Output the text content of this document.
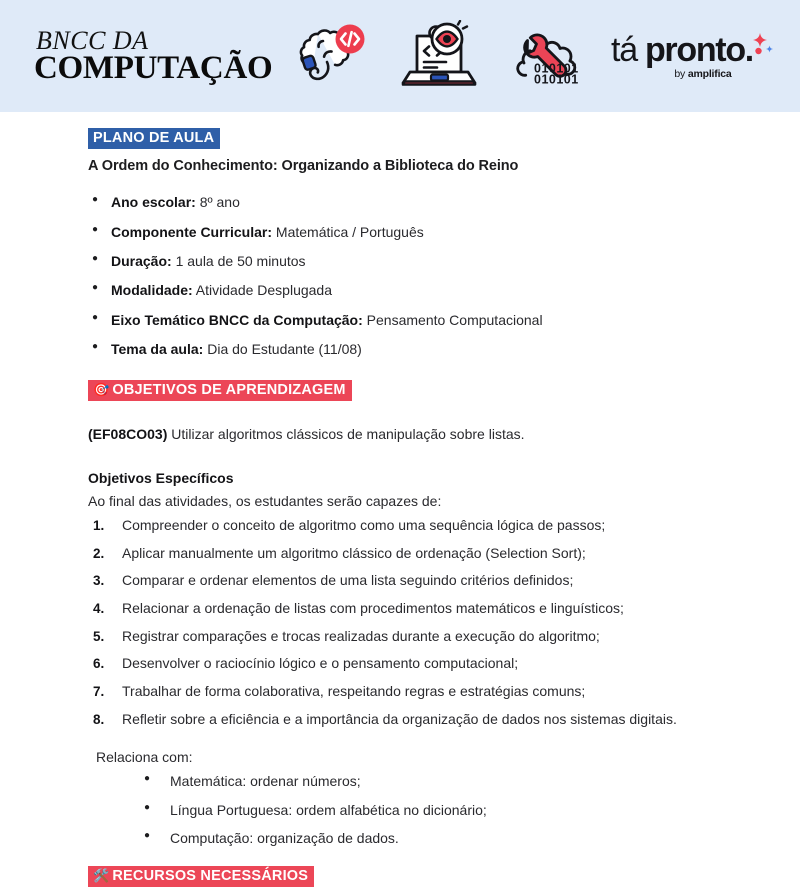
BNCC DA
COMPUTAÇÃO	010101
010101
tá pronto.
by amplifica
PLANO DE AULA

A Ordem do Conhecimento: Organizando a Biblioteca do Reino

● Ano escolar: 8º ano
● Componente Curricular: Matemática / Português
● Duração: 1 aula de 50 minutos
● Modalidade: Atividade Desplugada
● Eixo Temático BNCC da Computação: Pensamento Computacional
● Tema da aula: Dia do Estudante (11/08)
🎯 OBJETIVOS DE APRENDIZAGEM

(EF08CO03) Utilizar algoritmos clássicos de manipulação sobre listas.

Objetivos Específicos

Ao final das atividades, os estudantes serão capazes de:

Compreender o conceito de algoritmo como uma sequência lógica de passos;
Aplicar manualmente um algoritmo clássico de ordenação (Selection Sort);
Comparar e ordenar elementos de uma lista seguindo critérios definidos;
Relacionar a ordenação de listas com procedimentos matemáticos e linguísticos;
Registrar comparações e trocas realizadas durante a execução do algoritmo;
Desenvolver o raciocínio lógico e o pensamento computacional;
Trabalhar de forma colaborativa, respeitando regras e estratégias comuns;
Refletir sobre a eficiência e a importância da organização de dados nos sistemas digitais.

Relaciona com:

● Matemática: ordenar números;
● Língua Portuguesa: ordem alfabética no dicionário;
● Computação: organização de dados.
🛠️ RECURSOS NECESSÁRIOS
